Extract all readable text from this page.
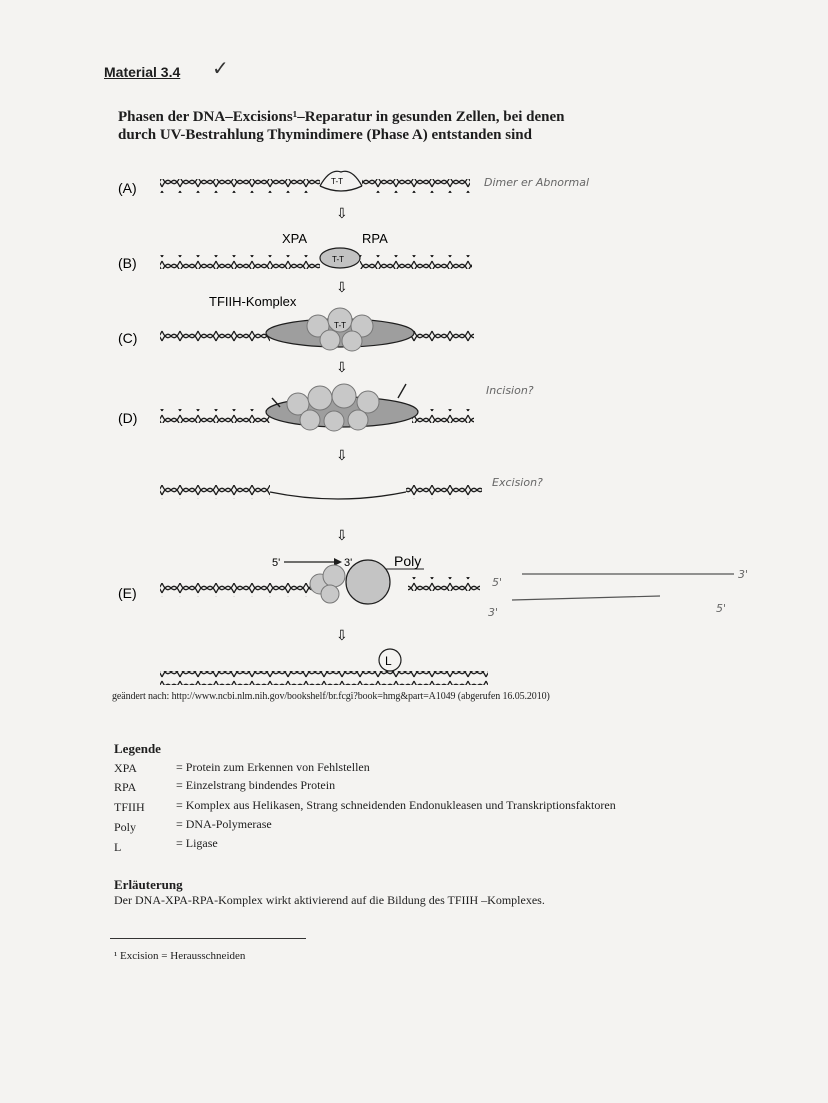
Material 3.4 ✓
Phasen der DNA–Excisions¹–Reparatur in gesunden Zellen, bei denen
durch UV-Bestrahlung Thymindimere (Phase A) entstanden sind
(A)
(B)
(C)
(D)
(E)
T-T	Dimer er Abnormal
⇩
XPA	RPA
T-T
⇩
TFIIH-Komplex
T-T
⇩
Incision?
⇩
Excision?
⇩
5'	3'	Poly
5'
3'
3'
5'
⇩
L
geändert nach: http://www.ncbi.nlm.nih.gov/bookshelf/br.fcgi?book=hmg&part=A1049 (abgerufen 16.05.2010)
Legende
XPA	= Protein zum Erkennen von Fehlstellen
RPA	= Einzelstrang bindendes Protein
TFIIH	= Komplex aus Helikasen, Strang schneidenden Endonukleasen und Transkriptionsfaktoren
Poly	= DNA-Polymerase
L	= Ligase
Erläuterung
Der DNA-XPA-RPA-Komplex wirkt aktivierend auf die Bildung des TFIIH –Komplexes.
¹ Excision = Herausschneiden
